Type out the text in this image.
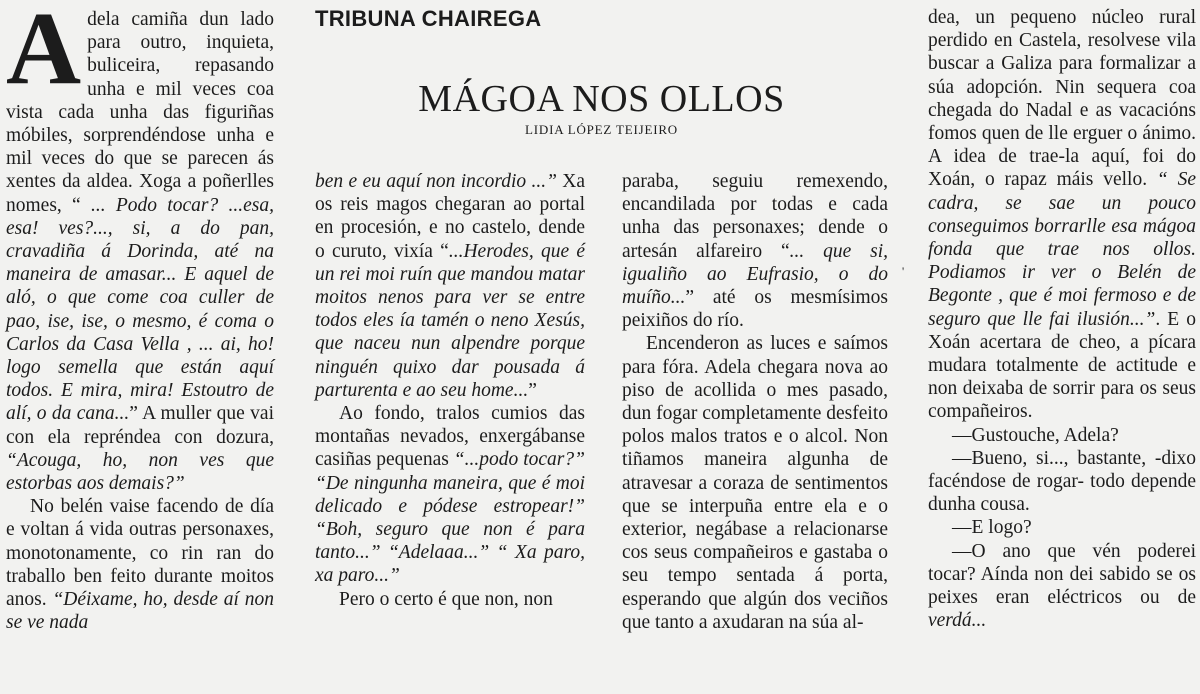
TRIBUNA CHAIREGA
MÁGOA NOS OLLOS
LIDIA LÓPEZ TEIJEIRO

Adela camiña dun lado para outro, inquieta, buliceira, repasando unha e mil veces coa vista cada unha das figuriñas móbiles, sorprendéndose unha e mil veces do que se parecen ás xentes da aldea. Xoga a poñerlles nomes, “ ... Podo tocar? ...esa, esa! ves?..., si, a do pan, cravadiña á Dorinda, até na maneira de amasar... E aquel de aló, o que come coa culler de pao, ise, ise, o mesmo, é coma o Carlos da Casa Vella , ... ai, ho! logo semella que están aquí todos. E mira, mira! Estoutro de alí, o da cana...” A muller que vai con ela repréndea con dozura, “Acouga, ho, non ves que estorbas aos demais?”

No belén vaise facendo de día e voltan á vida outras personaxes, monotonamente, co rin ran do traballo ben feito durante moitos anos. “Déixame, ho, desde aí non se ve nada

ben e eu aquí non incordio ...” Xa os reis magos chegaran ao portal en procesión, e no castelo, dende o curuto, vixía “...Herodes, que é un rei moi ruín que mandou matar moitos nenos para ver se entre todos eles ía tamén o neno Xesús, que naceu nun alpendre porque ninguén quixo dar pousada á parturenta e ao seu home...”

Ao fondo, tralos cumios das montañas nevados, enxergábanse casiñas pequenas “...podo tocar?” “De ningunha maneira, que é moi delicado e pódese estropear!” “Boh, seguro que non é para tanto...” “Adelaaa...” “ Xa paro, xa paro...”

Pero o certo é que non, non

paraba, seguiu remexendo, encandilada por todas e cada unha das personaxes; dende o artesán alfareiro “... que si, igualiño ao Eufrasio, o do muíño...” até os mesmísimos peixiños do río.

Encenderon as luces e saímos para fóra. Adela chegara nova ao piso de acollida o mes pasado, dun fogar completamente desfeito polos malos tratos e o alcol. Non tiñamos maneira algunha de atravesar a coraza de sentimentos que se interpuña entre ela e o exterior, negábase a relacionarse cos seus compañeiros e gastaba o seu tempo sentada á porta, esperando que algún dos veciños que tanto a axudaran na súa al-

dea, un pequeno núcleo rural perdido en Castela, resolvese vila buscar a Galiza para formalizar a súa adopción. Nin sequera coa chegada do Nadal e as vacacións fomos quen de lle erguer o ánimo. A idea de trae-la aquí, foi do Xoán, o rapaz máis vello. “ Se cadra, se sae un pouco conseguimos borrarlle esa mágoa fonda que trae nos ollos. Podiamos ir ver o Belén de Begonte , que é moi fermoso e de seguro que lle fai ilusión...”. E o Xoán acertara de cheo, a pícara mudara totalmente de actitude e non deixaba de sorrir para os seus compañeiros.

—Gustouche, Adela?

—Bueno, si..., bastante, -dixo facéndose de rogar- todo depende dunha cousa.

—E logo?

—O ano que vén poderei tocar? Aínda non dei sabido se os peixes eran eléctricos ou de verdá...

'
